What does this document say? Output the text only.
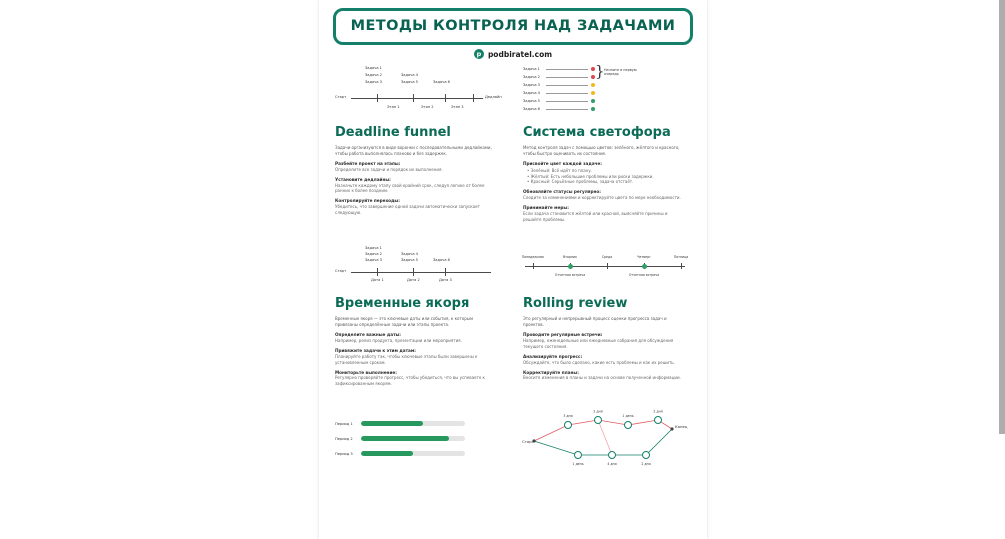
МЕТОДЫ КОНТРОЛЯ НАД ЗАДАЧАМИ
p podbiratel.com
Старт
Задача 1
Задача 2
Задача 3
Задача 4
Задача 5	Задача 6
Этап 1	Этап 2	Этап 3
Дедлайн
Deadline funnel
Задачи организуются в виде воронки с последовательными дедлайнами, чтобы работа выполнялась планово и без задержек.
Разбейте проект на этапы:
Определите все задачи и порядок их выполнения.
Установите дедлайны:
Назначьте каждому этапу свой крайний срок, следуя логике от более ранних к более поздним.
Контролируйте переходы:
Убедитесь, что завершение одной задачи автоматически запускает следующую.
Задача 1
Задача 2
Задача 3
Задача 4
Задача 5
Задача 6
} Начните в первую очередь
Система светофора
Метод контроля задач с помощью цветов: зелёного, жёлтого и красного, чтобы быстро оценивать их состояние.
Присвойте цвет каждой задаче:
• Зелёный: Всё идёт по плану.
• Жёлтый: Есть небольшие проблемы или риски задержки.
• Красный: Серьёзные проблемы, задача отстаёт.
Обновляйте статусы регулярно:
Следите за изменениями и корректируйте цвета по мере необходимости.
Принимайте меры:
Если задача становится жёлтой или красной, выясняйте причины и решайте проблемы.
Старт
Задача 1
Задача 2
Задача 3
Задача 4
Задача 5	Задача 6
Дата 1	Дата 2	Дата 3
Временные якоря
Временные якоря — это ключевые даты или события, к которым привязаны определённые задачи или этапы проекта.
Определите важные даты:
Например, релиз продукта, презентации или мероприятия.
Привяжите задачи к этим датам:
Планируйте работу так, чтобы ключевые этапы были завершены к установленным срокам.
Мониторьте выполнение:
Регулярно проверяйте прогресс, чтобы убедиться, что вы успеваете к зафиксированным якорям.
Понедельник	Вторник	Среда	Четверг	Пятница
Отчетная встреча	Отчетная встреча
Rolling review
Это регулярный и непрерывный процесс оценки прогресса задач и проектов.
Проводите регулярные встречи:
Например, еженедельные или ежедневные собрания для обсуждения текущего состояния.
Анализируйте прогресс:
Обсуждайте, что было сделано, какие есть проблемы и как их решить.
Корректируйте планы:
Вносите изменения в планы и задачи на основе полученной информации.
Период 1
Период 2
Период 3
Старт
Конец
3 дня
2 дня
1 день
2 дня
1 день	4 дня	2 дня
